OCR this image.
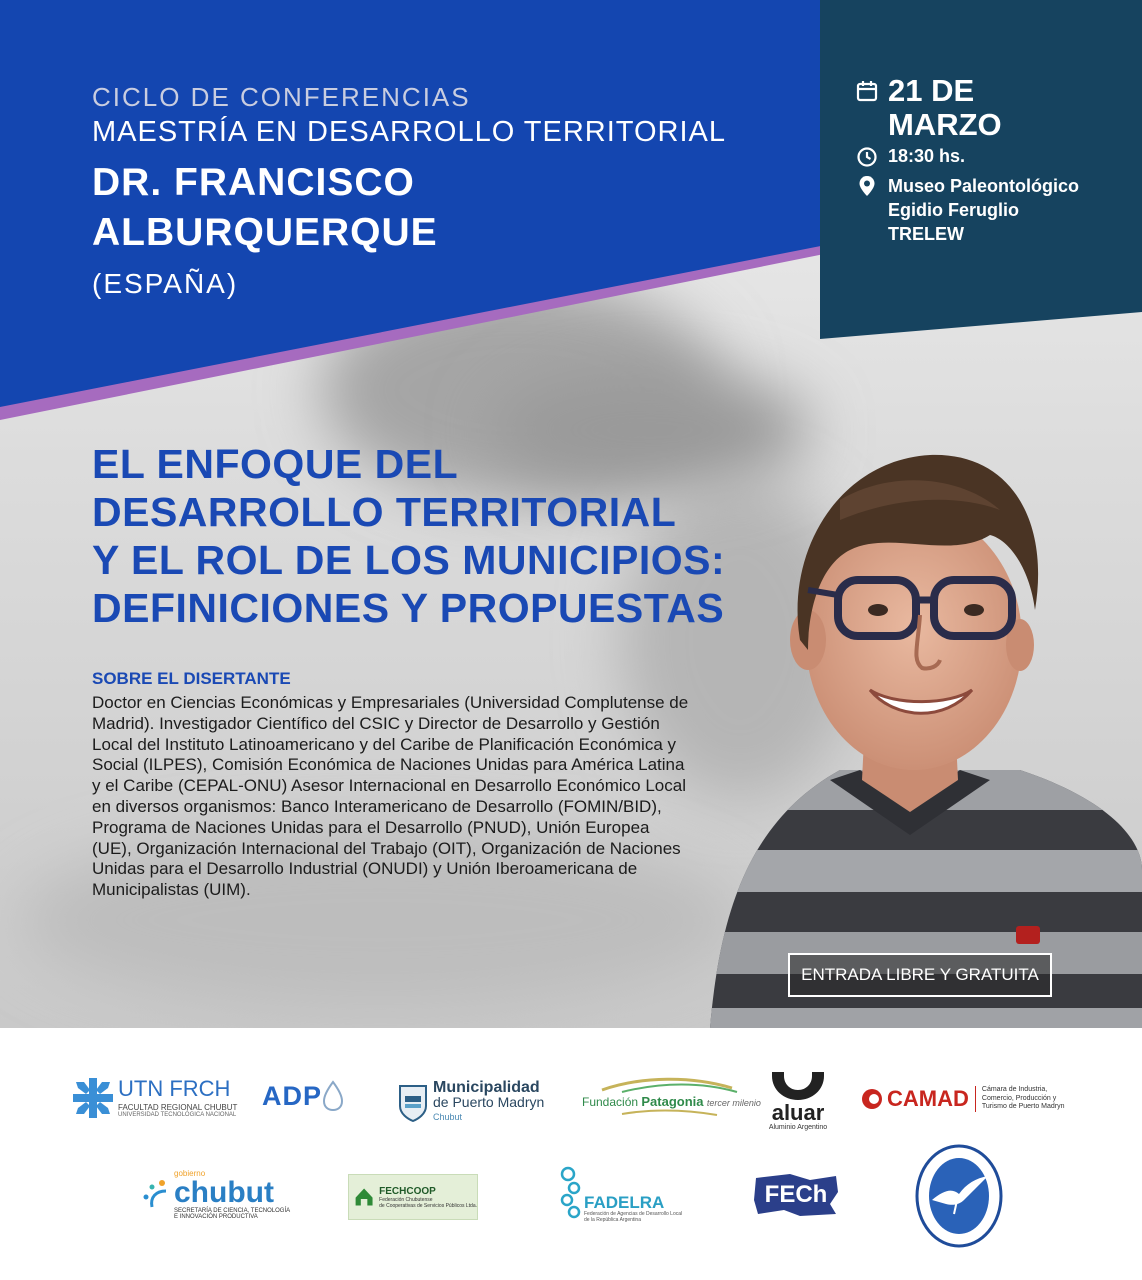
CICLO DE CONFERENCIAS
MAESTRÍA EN DESARROLLO TERRITORIAL
DR. FRANCISCO
ALBURQUERQUE
(ESPAÑA)
21 DE
MARZO
18:30 hs.
Museo Paleontológico
Egidio Feruglio
TRELEW
EL ENFOQUE DEL
DESARROLLO TERRITORIAL
Y EL ROL DE LOS MUNICIPIOS:
DEFINICIONES Y PROPUESTAS
SOBRE EL DISERTANTE
Doctor en Ciencias Económicas y Empresariales (Universidad Complutense de Madrid). Investigador Científico del CSIC y Director de Desarrollo y Gestión Local del Instituto Latinoamericano y del Caribe de Planificación Económica y Social (ILPES), Comisión Económica de Naciones Unidas para América Latina y el Caribe (CEPAL-ONU) Asesor Internacional en Desarrollo Económico Local en diversos organismos: Banco Interamericano de Desarrollo (FOMIN/BID), Programa de Naciones Unidas para el Desarrollo (PNUD), Unión Europea (UE), Organización Internacional del Trabajo (OIT), Organización de Naciones Unidas para el Desarrollo Industrial (ONUDI) y Unión Iberoamericana de Municipalistas (UIM).
ENTRADA LIBRE Y GRATUITA
UTN FRCH
FACULTAD REGIONAL CHUBUT
UNIVERSIDAD TECNOLÓGICA NACIONAL
ADP	Municipalidad
de Puerto Madryn
Chubut
Fundación Patagonia tercer milenio aluar
Aluminio Argentino
CAMAD Cámara de Industria,
Comercio, Producción y
Turismo de Puerto Madryn
gobierno
chubut
SECRETARÍA DE CIENCIA, TECNOLOGÍA
E INNOVACIÓN PRODUCTIVA
FECHCOOP
Federación Chubutense
de Cooperativas de Servicios Públicos Ltda.	FADELRA
Federación de Agencias de Desarrollo Local
de la República Argentina
FECh
